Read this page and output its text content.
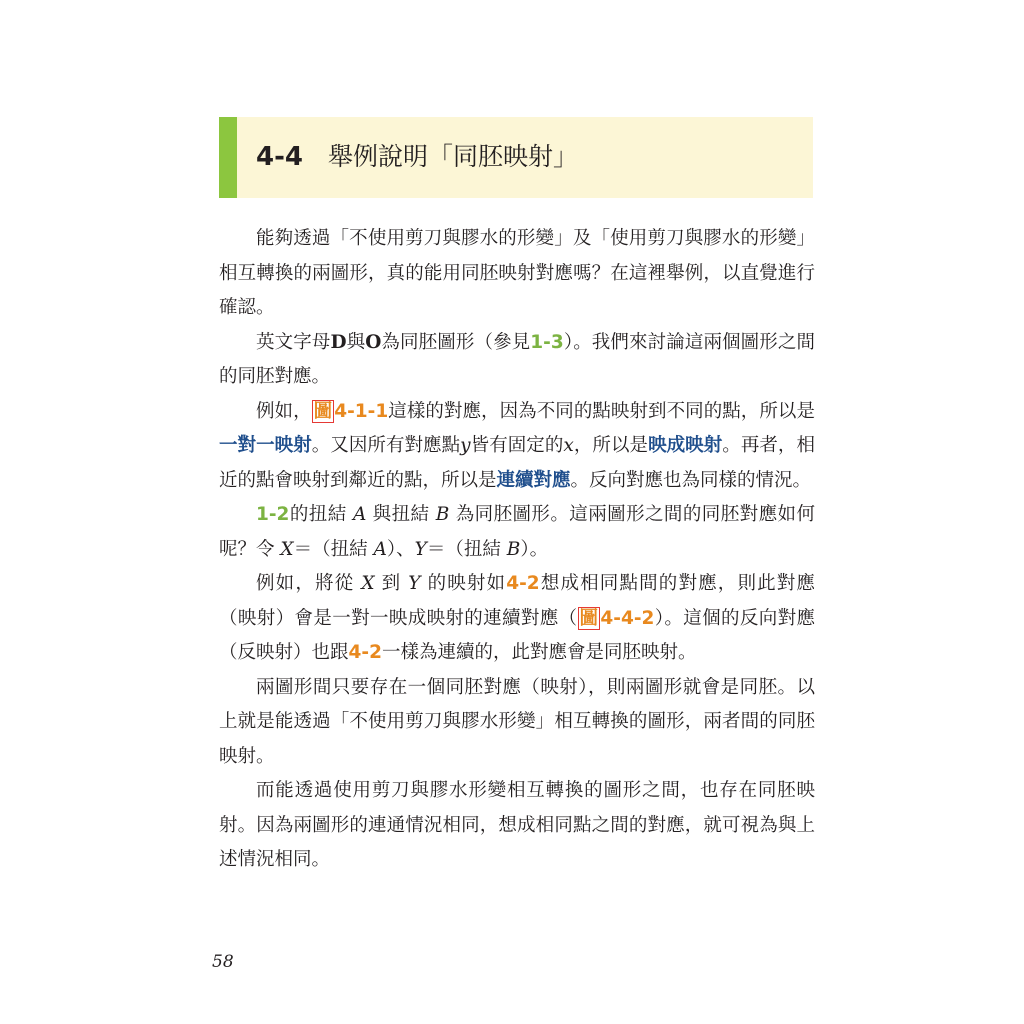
4-4 舉例說明「同胚映射」

能夠透過「不使用剪刀與膠水的形變」及「使用剪刀與膠水的形變」相互轉換的兩圖形，真的能用同胚映射對應嗎？在這裡舉例，以直覺進行確認。

英文字母D與O為同胚圖形（參見1-3）。我們來討論這兩個圖形之間的同胚對應。

例如， 圖 4-1-1這樣的對應，因為不同的點映射到不同的點，所以是一對一映射。又因所有對應點y皆有固定的x，所以是映成映射。再者，相近的點會映射到鄰近的點，所以是連續對應。反向對應也為同樣的情況。

1-2的扭結 A 與扭結 B 為同胚圖形。這兩圖形之間的同胚對應如何呢？令 X＝（扭結 A）、Y＝（扭結 B）。

例如，將從 X 到 Y 的映射如4-2想成相同點間的對應，則此對應（映射）會是一對一映成映射的連續對應（ 圖 4-4-2）。這個的反向對應（反映射）也跟4-2一樣為連續的，此對應會是同胚映射。

兩圖形間只要存在一個同胚對應（映射），則兩圖形就會是同胚。以上就是能透過「不使用剪刀與膠水形變」相互轉換的圖形，兩者間的同胚映射。

而能透過使用剪刀與膠水形變相互轉換的圖形之間，也存在同胚映射。因為兩圖形的連通情況相同，想成相同點之間的對應，就可視為與上述情況相同。

58
